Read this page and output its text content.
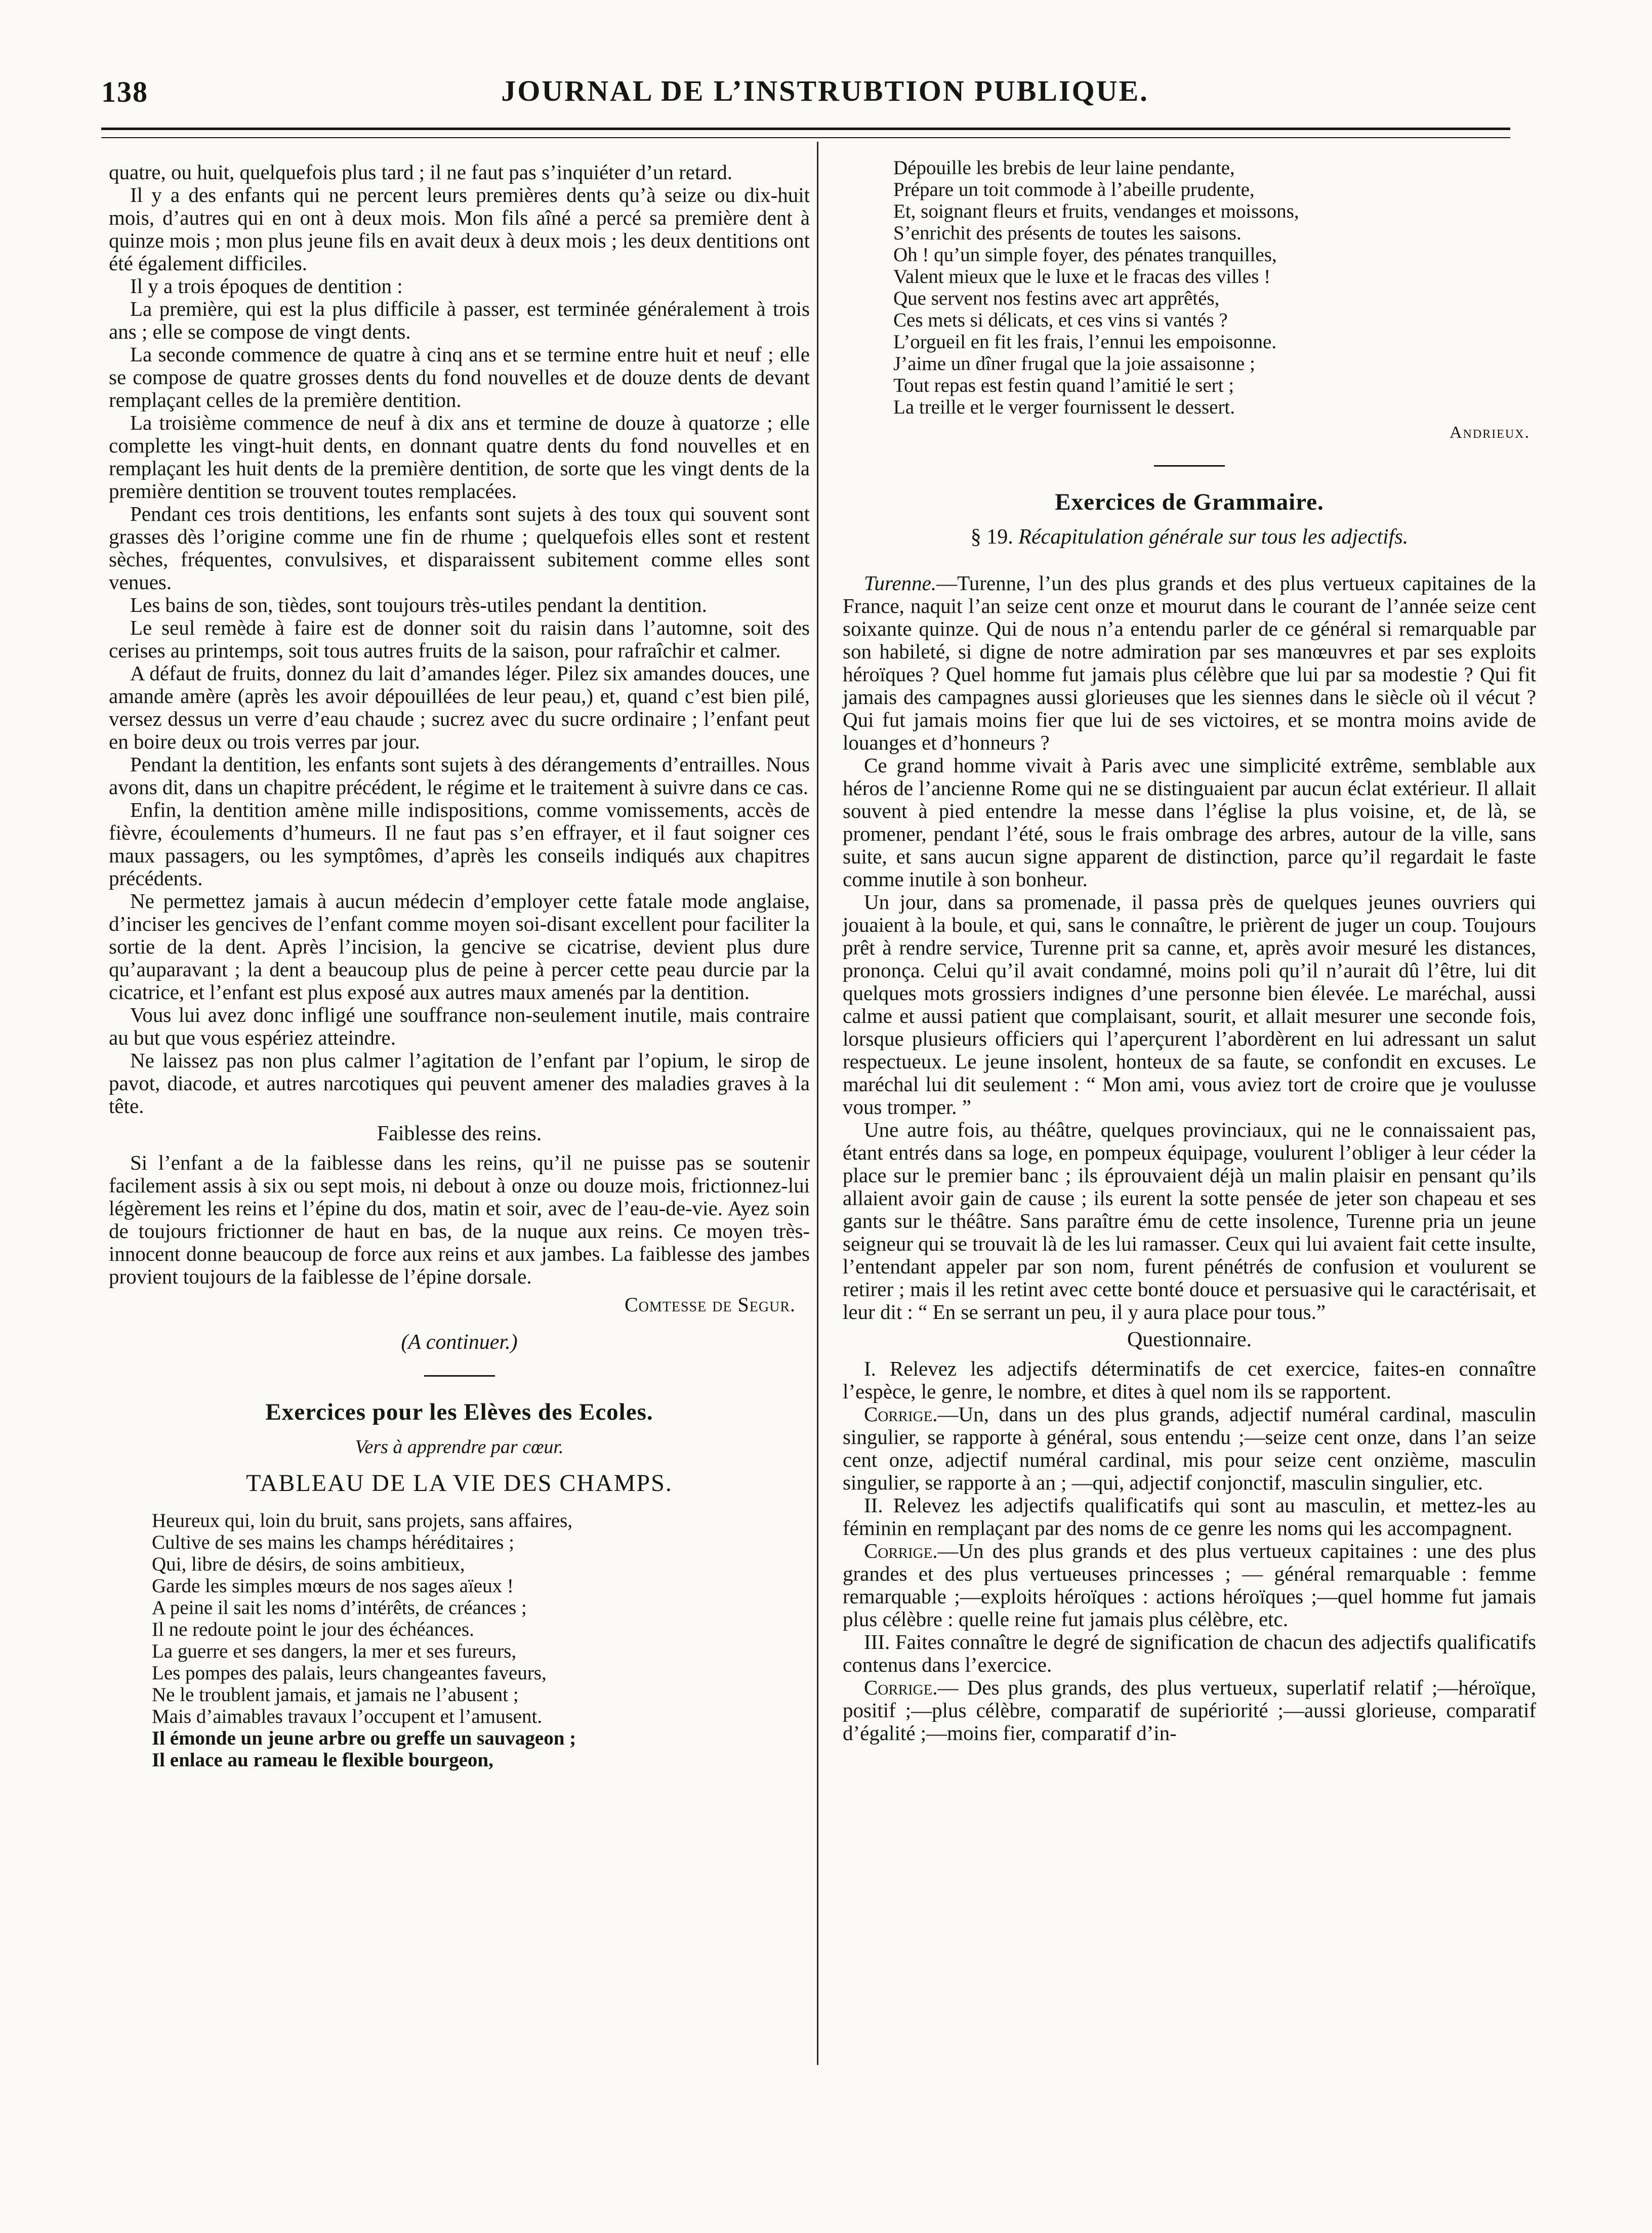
138	JOURNAL DE L’INSTRUBTION PUBLIQUE.

quatre, ou huit, quelquefois plus tard ; il ne faut pas s’inquiéter d’un retard.

Il y a des enfants qui ne percent leurs premières dents qu’à seize ou dix-huit mois, d’autres qui en ont à deux mois. Mon fils aîné a percé sa première dent à quinze mois ; mon plus jeune fils en avait deux à deux mois ; les deux dentitions ont été également difficiles.

Il y a trois époques de dentition :

La première, qui est la plus difficile à passer, est terminée généralement à trois ans ; elle se compose de vingt dents.

La seconde commence de quatre à cinq ans et se termine entre huit et neuf ; elle se compose de quatre grosses dents du fond nouvelles et de douze dents de devant remplaçant celles de la première dentition.

La troisième commence de neuf à dix ans et termine de douze à quatorze ; elle complette les vingt-huit dents, en donnant quatre dents du fond nouvelles et en remplaçant les huit dents de la première dentition, de sorte que les vingt dents de la première dentition se trouvent toutes remplacées.

Pendant ces trois dentitions, les enfants sont sujets à des toux qui souvent sont grasses dès l’origine comme une fin de rhume ; quelquefois elles sont et restent sèches, fréquentes, convulsives, et disparaissent subitement comme elles sont venues.

Les bains de son, tièdes, sont toujours très-utiles pendant la dentition.

Le seul remède à faire est de donner soit du raisin dans l’automne, soit des cerises au printemps, soit tous autres fruits de la saison, pour rafraîchir et calmer.

A défaut de fruits, donnez du lait d’amandes léger. Pilez six amandes douces, une amande amère (après les avoir dépouillées de leur peau,) et, quand c’est bien pilé, versez dessus un verre d’eau chaude ; sucrez avec du sucre ordinaire ; l’enfant peut en boire deux ou trois verres par jour.

Pendant la dentition, les enfants sont sujets à des dérangements d’entrailles. Nous avons dit, dans un chapitre précédent, le régime et le traitement à suivre dans ce cas.

Enfin, la dentition amène mille indispositions, comme vomissements, accès de fièvre, écoulements d’humeurs. Il ne faut pas s’en effrayer, et il faut soigner ces maux passagers, ou les symptômes, d’après les conseils indiqués aux chapitres précédents.

Ne permettez jamais à aucun médecin d’employer cette fatale mode anglaise, d’inciser les gencives de l’enfant comme moyen soi-disant excellent pour faciliter la sortie de la dent. Après l’incision, la gencive se cicatrise, devient plus dure qu’auparavant ; la dent a beaucoup plus de peine à percer cette peau durcie par la cicatrice, et l’enfant est plus exposé aux autres maux amenés par la dentition.

Vous lui avez donc infligé une souffrance non-seulement inutile, mais contraire au but que vous espériez atteindre.

Ne laissez pas non plus calmer l’agitation de l’enfant par l’opium, le sirop de pavot, diacode, et autres narcotiques qui peuvent amener des maladies graves à la tête.

Faiblesse des reins.

Si l’enfant a de la faiblesse dans les reins, qu’il ne puisse pas se soutenir facilement assis à six ou sept mois, ni debout à onze ou douze mois, frictionnez-lui légèrement les reins et l’épine du dos, matin et soir, avec de l’eau-de-vie. Ayez soin de toujours frictionner de haut en bas, de la nuque aux reins. Ce moyen très-innocent donne beaucoup de force aux reins et aux jambes. La faiblesse des jambes provient toujours de la faiblesse de l’épine dorsale.

Comtesse de Segur.
(A continuer.)
Exercices pour les Elèves des Ecoles.
Vers à apprendre par cœur.
TABLEAU DE LA VIE DES CHAMPS.
Heureux qui, loin du bruit, sans projets, sans affaires,
Cultive de ses mains les champs héréditaires ;
Qui, libre de désirs, de soins ambitieux,
Garde les simples mœurs de nos sages aïeux !
A peine il sait les noms d’intérêts, de créances ;
Il ne redoute point le jour des échéances.
La guerre et ses dangers, la mer et ses fureurs,
Les pompes des palais, leurs changeantes faveurs,
Ne le troublent jamais, et jamais ne l’abusent ;
Mais d’aimables travaux l’occupent et l’amusent.
Il émonde un jeune arbre ou greffe un sauvageon ;
Il enlace au rameau le flexible bourgeon,
Dépouille les brebis de leur laine pendante,
Prépare un toit commode à l’abeille prudente,
Et, soignant fleurs et fruits, vendanges et moissons,
S’enrichit des présents de toutes les saisons.
Oh ! qu’un simple foyer, des pénates tranquilles,
Valent mieux que le luxe et le fracas des villes !
Que servent nos festins avec art apprêtés,
Ces mets si délicats, et ces vins si vantés ?
L’orgueil en fit les frais, l’ennui les empoisonne.
J’aime un dîner frugal que la joie assaisonne ;
Tout repas est festin quand l’amitié le sert ;
La treille et le verger fournissent le dessert.
Andrieux.
Exercices de Grammaire.
§ 19. Récapitulation générale sur tous les adjectifs.

Turenne.—Turenne, l’un des plus grands et des plus vertueux capitaines de la France, naquit l’an seize cent onze et mourut dans le courant de l’année seize cent soixante quinze. Qui de nous n’a entendu parler de ce général si remarquable par son habileté, si digne de notre admiration par ses manœuvres et par ses exploits héroïques ? Quel homme fut jamais plus célèbre que lui par sa modestie ? Qui fit jamais des campagnes aussi glorieuses que les siennes dans le siècle où il vécut ? Qui fut jamais moins fier que lui de ses victoires, et se montra moins avide de louanges et d’honneurs ?

Ce grand homme vivait à Paris avec une simplicité extrême, semblable aux héros de l’ancienne Rome qui ne se distinguaient par aucun éclat extérieur. Il allait souvent à pied entendre la messe dans l’église la plus voisine, et, de là, se promener, pendant l’été, sous le frais ombrage des arbres, autour de la ville, sans suite, et sans aucun signe apparent de distinction, parce qu’il regardait le faste comme inutile à son bonheur.

Un jour, dans sa promenade, il passa près de quelques jeunes ouvriers qui jouaient à la boule, et qui, sans le connaître, le prièrent de juger un coup. Toujours prêt à rendre service, Turenne prit sa canne, et, après avoir mesuré les distances, prononça. Celui qu’il avait condamné, moins poli qu’il n’aurait dû l’être, lui dit quelques mots grossiers indignes d’une personne bien élevée. Le maréchal, aussi calme et aussi patient que complaisant, sourit, et allait mesurer une seconde fois, lorsque plusieurs officiers qui l’aperçurent l’abordèrent en lui adressant un salut respectueux. Le jeune insolent, honteux de sa faute, se confondit en excuses. Le maréchal lui dit seulement : “ Mon ami, vous aviez tort de croire que je voulusse vous tromper. ”

Une autre fois, au théâtre, quelques provinciaux, qui ne le connaissaient pas, étant entrés dans sa loge, en pompeux équipage, voulurent l’obliger à leur céder la place sur le premier banc ; ils éprouvaient déjà un malin plaisir en pensant qu’ils allaient avoir gain de cause ; ils eurent la sotte pensée de jeter son chapeau et ses gants sur le théâtre. Sans paraître ému de cette insolence, Turenne pria un jeune seigneur qui se trouvait là de les lui ramasser. Ceux qui lui avaient fait cette insulte, l’entendant appeler par son nom, furent pénétrés de confusion et voulurent se retirer ; mais il les retint avec cette bonté douce et persuasive qui le caractérisait, et leur dit : “ En se serrant un peu, il y aura place pour tous.”

Questionnaire.

I. Relevez les adjectifs déterminatifs de cet exercice, faites-en connaître l’espèce, le genre, le nombre, et dites à quel nom ils se rapportent.

Corrige.—Un, dans un des plus grands, adjectif numéral cardinal, masculin singulier, se rapporte à général, sous entendu ;—seize cent onze, dans l’an seize cent onze, adjectif numéral cardinal, mis pour seize cent onzième, masculin singulier, se rapporte à an ; —qui, adjectif conjonctif, masculin singulier, etc.

II. Relevez les adjectifs qualificatifs qui sont au masculin, et mettez-les au féminin en remplaçant par des noms de ce genre les noms qui les accompagnent.

Corrige.—Un des plus grands et des plus vertueux capitaines : une des plus grandes et des plus vertueuses princesses ; — général remarquable : femme remarquable ;—exploits héroïques : actions héroïques ;—quel homme fut jamais plus célèbre : quelle reine fut jamais plus célèbre, etc.

III. Faites connaître le degré de signification de chacun des adjectifs qualificatifs contenus dans l’exercice.

Corrige.— Des plus grands, des plus vertueux, superlatif relatif ;—héroïque, positif ;—plus célèbre, comparatif de supériorité ;—aussi glorieuse, comparatif d’égalité ;—moins fier, comparatif d’in-
